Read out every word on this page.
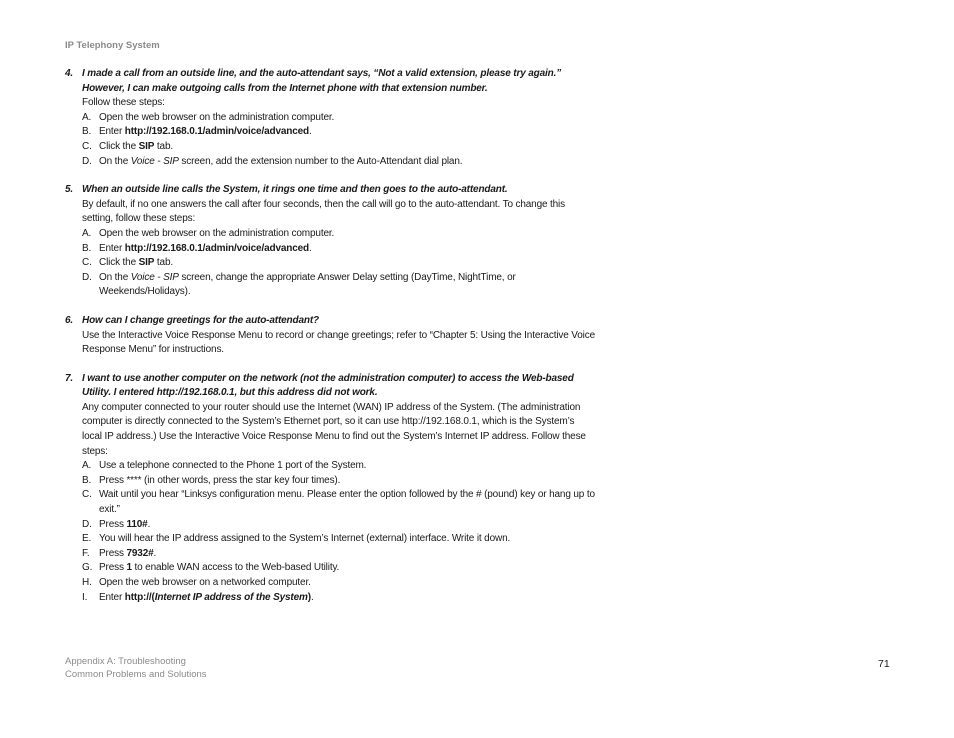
IP Telephony System
4. I made a call from an outside line, and the auto-attendant says, “Not a valid extension, please try again.” However, I can make outgoing calls from the Internet phone with that extension number.
Follow these steps:
A. Open the web browser on the administration computer.
B. Enter http://192.168.0.1/admin/voice/advanced.
C. Click the SIP tab.
D. On the Voice - SIP screen, add the extension number to the Auto-Attendant dial plan.
5. When an outside line calls the System, it rings one time and then goes to the auto-attendant.
By default, if no one answers the call after four seconds, then the call will go to the auto-attendant. To change this setting, follow these steps:
A. Open the web browser on the administration computer.
B. Enter http://192.168.0.1/admin/voice/advanced.
C. Click the SIP tab.
D. On the Voice - SIP screen, change the appropriate Answer Delay setting (DayTime, NightTime, or Weekends/Holidays).
6. How can I change greetings for the auto-attendant?
Use the Interactive Voice Response Menu to record or change greetings; refer to “Chapter 5: Using the Interactive Voice Response Menu” for instructions.
7. I want to use another computer on the network (not the administration computer) to access the Web-based Utility. I entered http://192.168.0.1, but this address did not work.
Any computer connected to your router should use the Internet (WAN) IP address of the System. (The administration computer is directly connected to the System’s Ethernet port, so it can use http://192.168.0.1, which is the System’s local IP address.) Use the Interactive Voice Response Menu to find out the System’s Internet IP address. Follow these steps:
A. Use a telephone connected to the Phone 1 port of the System.
B. Press **** (in other words, press the star key four times).
C. Wait until you hear “Linksys configuration menu. Please enter the option followed by the # (pound) key or hang up to exit.”
D. Press 110#.
E. You will hear the IP address assigned to the System’s Internet (external) interface. Write it down.
F. Press 7932#.
G. Press 1 to enable WAN access to the Web-based Utility.
H. Open the web browser on a networked computer.
I. Enter http://(Internet IP address of the System).
Appendix A: Troubleshooting
Common Problems and Solutions
71
